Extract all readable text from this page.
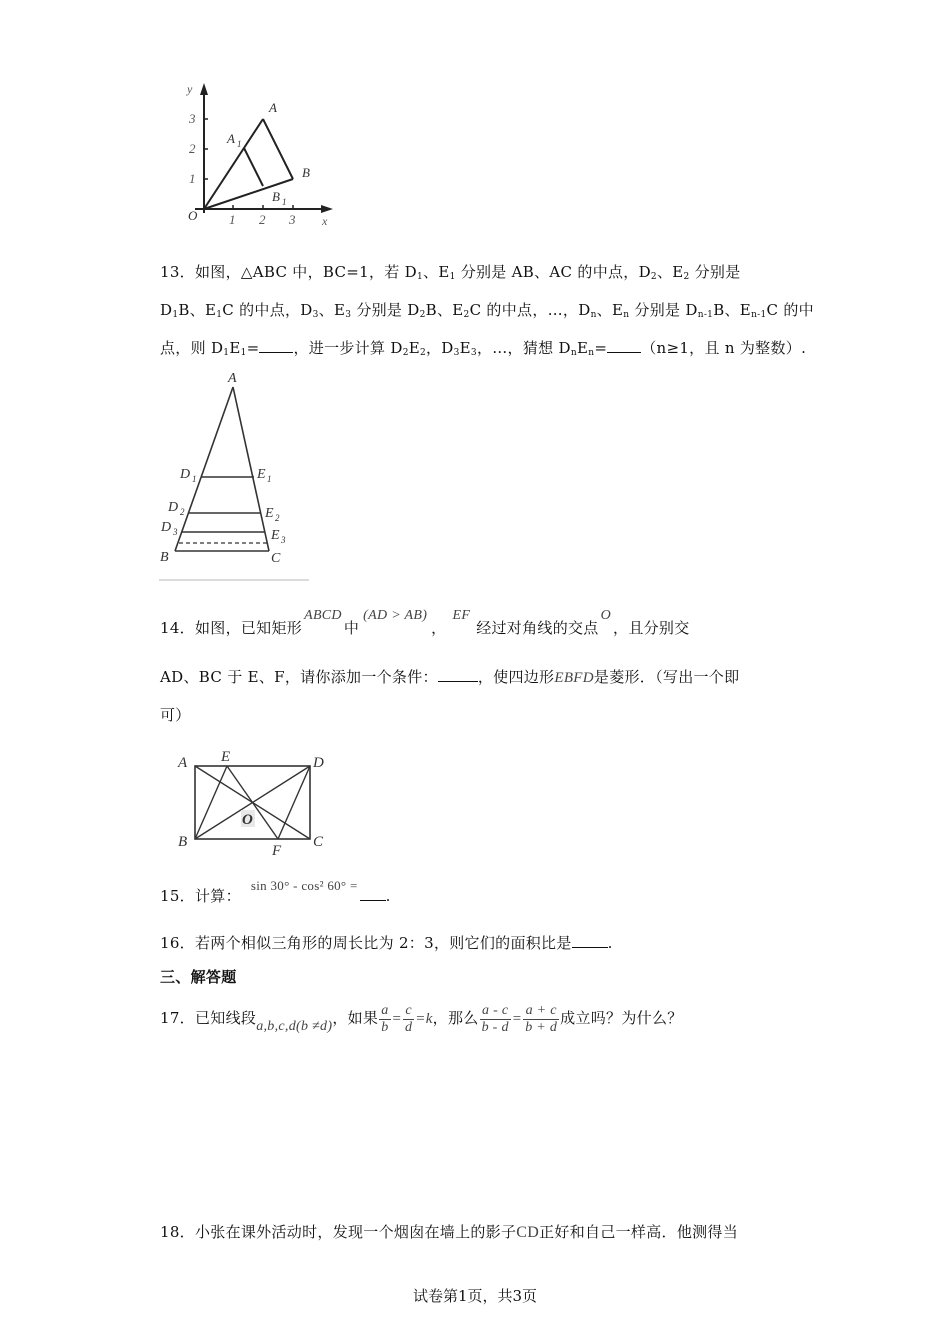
y
3
2
1
O 1 2 3 x
A
A 1
B
B 1
13．如图，△ABC 中，BC=1，若 $D_1$、$E_1$ 分别是 AB、AC 的中点，$D_2$、$E_2$ 分别是
$D_1B$、$E_1C$ 的中点，$D_3$、$E_3$ 分别是 $D_2B$、$E_2C$ 的中点，…，$D_n$、$E_n$ 分别是 $D_{n-1}B$、$E_{n-1}C$ 的中
点，则 $D_1E_1=$ ，进一步计算 $D_2E_2$，$D_3E_3$，…，猜想 $D_nE_n= (n\ge 1$，且 n 为整数）.
A
D 1	E 1
D 2	E 2
D 3	E 3
B	C
14．如图，已知矩形ABCD中(AD > AB)，EF经过对角线的交点O，且分别交
AD、BC 于 E、F，请你添加一个条件：	，使四边形EBFD是菱形．（写出一个即
可）
O
A E	D
B
F
C
15．计算：sin 30° - cos² 60° =.
16．若两个相似三角形的周长比为 2：3，则它们的面积比是 .
三、解答题
17．已知线段a,b,c,d(b ≠d)，如果 $\frac{a}{b} = \frac{c}{d} =k$，那么 $\frac{a - c}{b - d} = \frac{a + c}{b + d}$ 成立吗？为什么？
18．小张在课外活动时，发现一个烟囱在墙上的影子CD正好和自己一样高．他测得当
试卷第1页，共3页
